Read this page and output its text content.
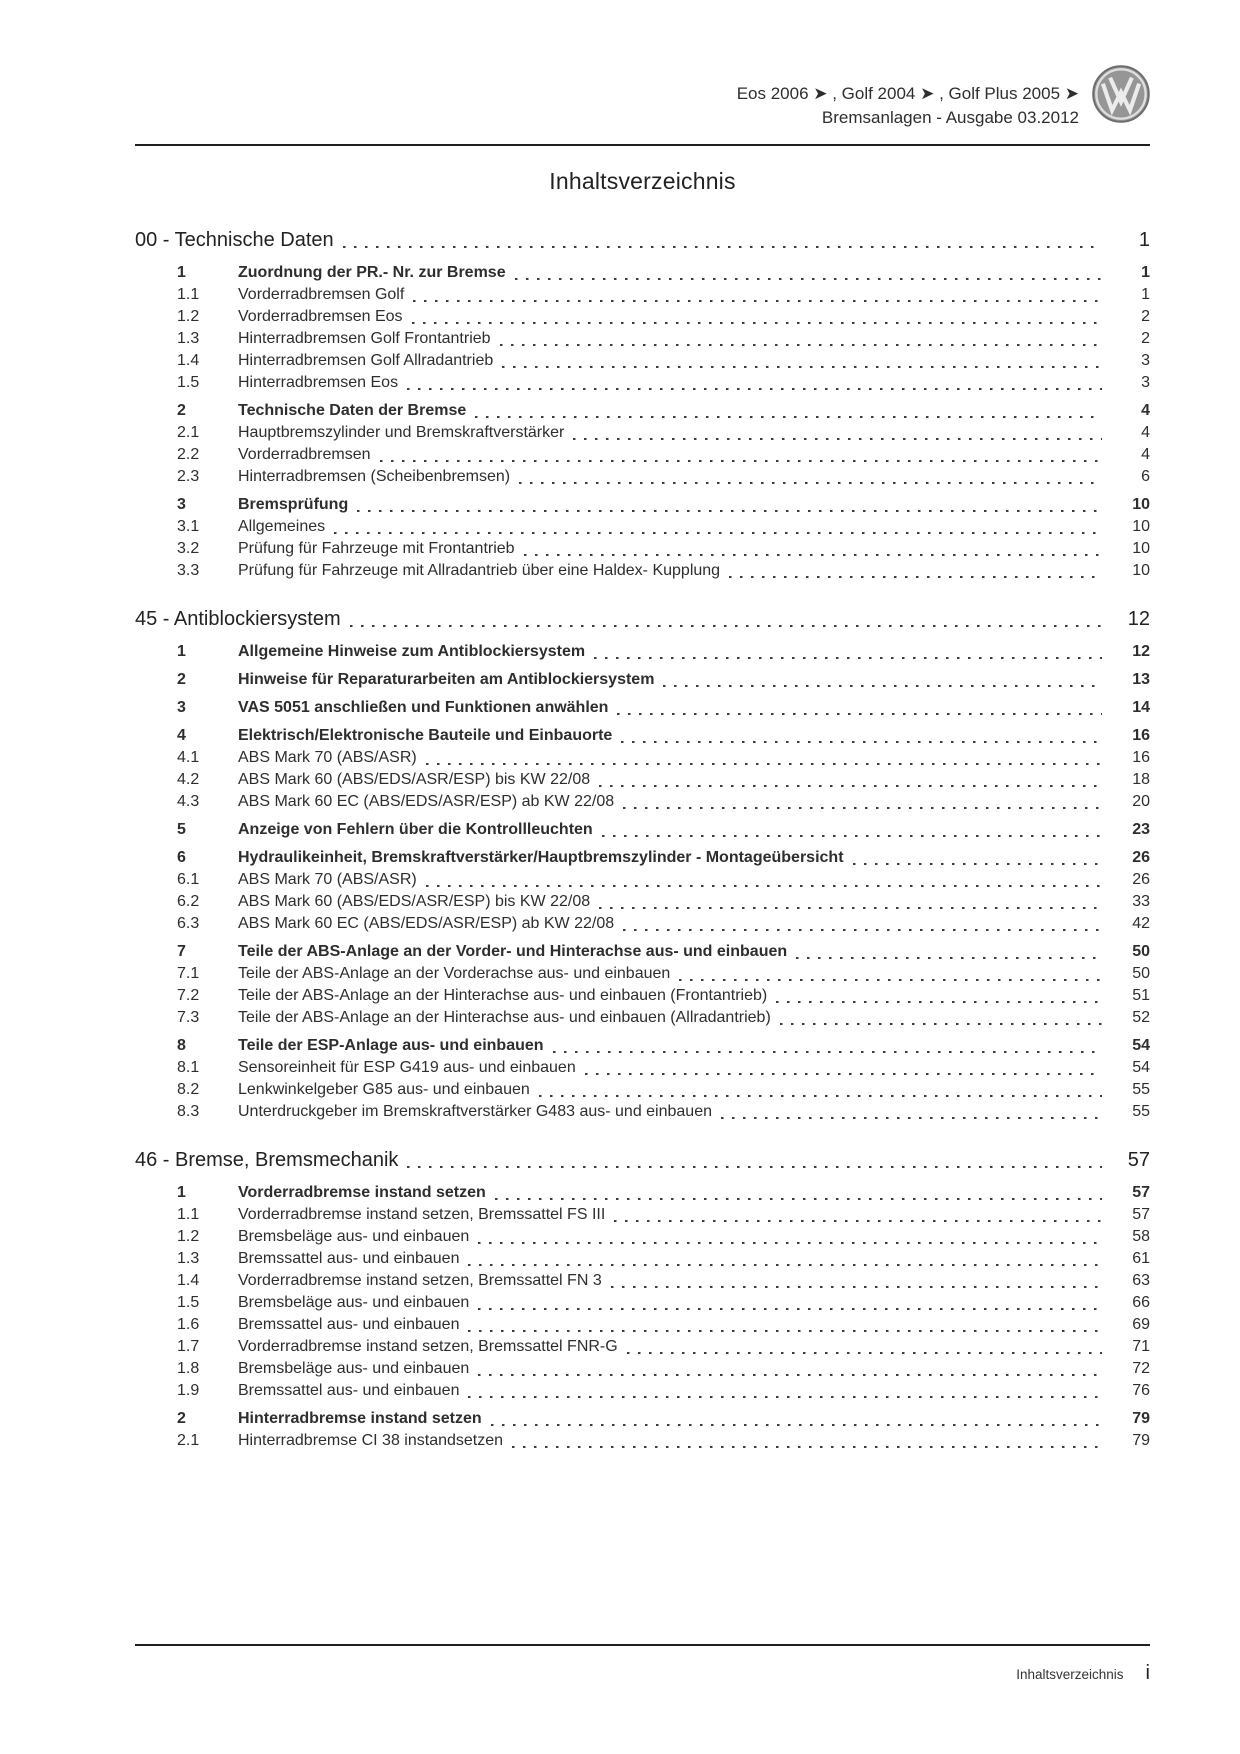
Eos 2006 ➤ , Golf 2004 ➤ , Golf Plus 2005 ➤
Bremsanlagen - Ausgabe 03.2012
Inhaltsverzeichnis
00 - Technische Daten	1
1	Zuordnung der PR.- Nr. zur Bremse	1
1.1	Vorderradbremsen Golf	1
1.2	Vorderradbremsen Eos	2
1.3	Hinterradbremsen Golf Frontantrieb	2
1.4	Hinterradbremsen Golf Allradantrieb	3
1.5	Hinterradbremsen Eos	3
2	Technische Daten der Bremse	4
2.1	Hauptbremszylinder und Bremskraftverstärker	4
2.2	Vorderradbremsen	4
2.3	Hinterradbremsen (Scheibenbremsen)	6
3	Bremsprüfung	10
3.1	Allgemeines	10
3.2	Prüfung für Fahrzeuge mit Frontantrieb	10
3.3	Prüfung für Fahrzeuge mit Allradantrieb über eine Haldex- Kupplung	10
45 - Antiblockiersystem	12
1	Allgemeine Hinweise zum Antiblockiersystem	12
2	Hinweise für Reparaturarbeiten am Antiblockiersystem	13
3	VAS 5051 anschließen und Funktionen anwählen	14
4	Elektrisch/Elektronische Bauteile und Einbauorte	16
4.1	ABS Mark 70 (ABS/ASR)	16
4.2	ABS Mark 60 (ABS/EDS/ASR/ESP) bis KW 22/08	18
4.3	ABS Mark 60 EC (ABS/EDS/ASR/ESP) ab KW 22/08	20
5	Anzeige von Fehlern über die Kontrollleuchten	23
6	Hydraulikeinheit, Bremskraftverstärker/Hauptbremszylinder - Montageübersicht	26
6.1	ABS Mark 70 (ABS/ASR)	26
6.2	ABS Mark 60 (ABS/EDS/ASR/ESP) bis KW 22/08	33
6.3	ABS Mark 60 EC (ABS/EDS/ASR/ESP) ab KW 22/08	42
7	Teile der ABS-Anlage an der Vorder- und Hinterachse aus- und einbauen	50
7.1	Teile der ABS-Anlage an der Vorderachse aus- und einbauen	50
7.2	Teile der ABS-Anlage an der Hinterachse aus- und einbauen (Frontantrieb)	51
7.3	Teile der ABS-Anlage an der Hinterachse aus- und einbauen (Allradantrieb)	52
8	Teile der ESP-Anlage aus- und einbauen	54
8.1	Sensoreinheit für ESP G419 aus- und einbauen	54
8.2	Lenkwinkelgeber G85 aus- und einbauen	55
8.3	Unterdruckgeber im Bremskraftverstärker G483 aus- und einbauen	55
46 - Bremse, Bremsmechanik	57
1	Vorderradbremse instand setzen	57
1.1	Vorderradbremse instand setzen, Bremssattel FS III	57
1.2	Bremsbeläge aus- und einbauen	58
1.3	Bremssattel aus- und einbauen	61
1.4	Vorderradbremse instand setzen, Bremssattel FN 3	63
1.5	Bremsbeläge aus- und einbauen	66
1.6	Bremssattel aus- und einbauen	69
1.7	Vorderradbremse instand setzen, Bremssattel FNR-G	71
1.8	Bremsbeläge aus- und einbauen	72
1.9	Bremssattel aus- und einbauen	76
2	Hinterradbremse instand setzen	79
2.1	Hinterradbremse CI 38 instandsetzen	79
Inhaltsverzeichnis i
